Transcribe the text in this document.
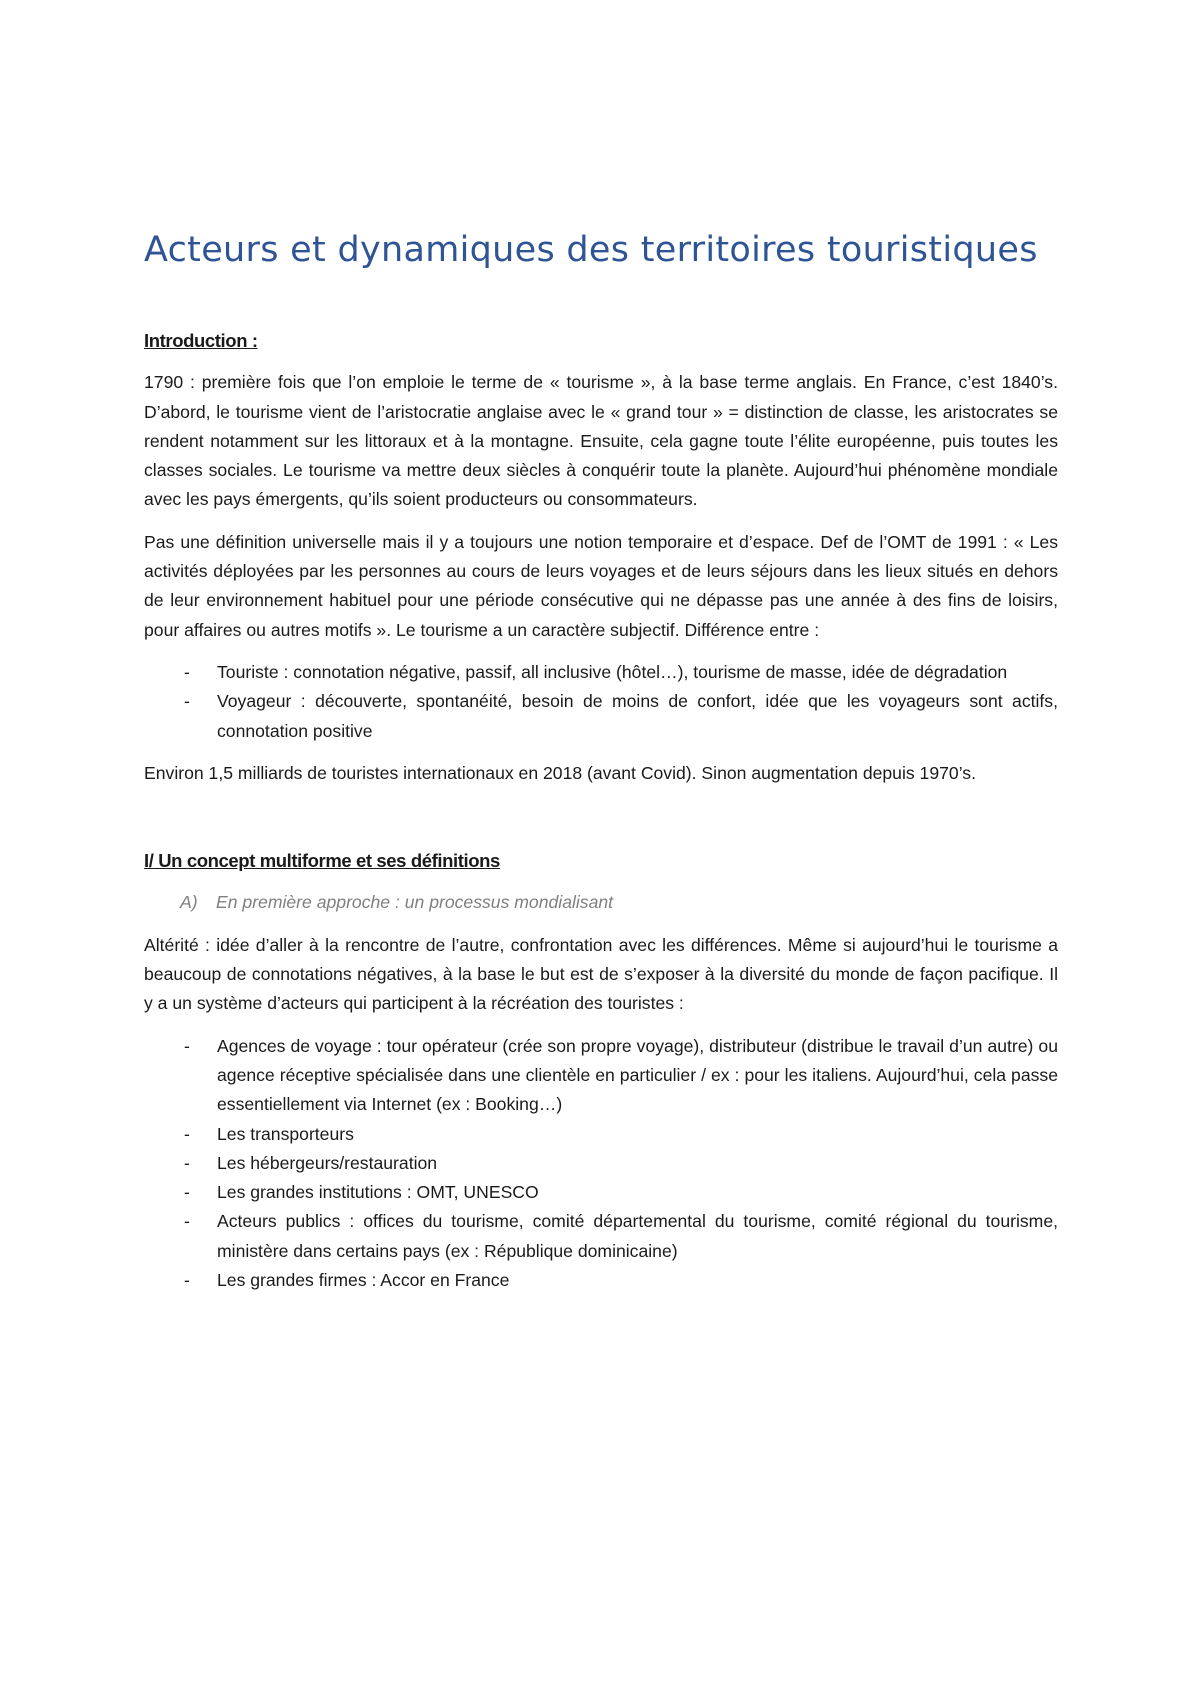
Acteurs et dynamiques des territoires touristiques
Introduction :

1790 : première fois que l’on emploie le terme de « tourisme », à la base terme anglais. En France, c’est 1840’s. D’abord, le tourisme vient de l’aristocratie anglaise avec le « grand tour » = distinction de classe, les aristocrates se rendent notamment sur les littoraux et à la montagne. Ensuite, cela gagne toute l’élite européenne, puis toutes les classes sociales. Le tourisme va mettre deux siècles à conquérir toute la planète. Aujourd’hui phénomène mondiale avec les pays émergents, qu’ils soient producteurs ou consommateurs.

Pas une définition universelle mais il y a toujours une notion temporaire et d’espace. Def de l’OMT de 1991 : « Les activités déployées par les personnes au cours de leurs voyages et de leurs séjours dans les lieux situés en dehors de leur environnement habituel pour une période consécutive qui ne dépasse pas une année à des fins de loisirs, pour affaires ou autres motifs ». Le tourisme a un caractère subjectif. Différence entre :

- Touriste : connotation négative, passif, all inclusive (hôtel…), tourisme de masse, idée de dégradation
- Voyageur : découverte, spontanéité, besoin de moins de confort, idée que les voyageurs sont actifs, connotation positive

Environ 1,5 milliards de touristes internationaux en 2018 (avant Covid). Sinon augmentation depuis 1970’s.

I/ Un concept multiforme et ses définitions
A) En première approche : un processus mondialisant

Altérité : idée d’aller à la rencontre de l’autre, confrontation avec les différences. Même si aujourd’hui le tourisme a beaucoup de connotations négatives, à la base le but est de s’exposer à la diversité du monde de façon pacifique. Il y a un système d’acteurs qui participent à la récréation des touristes :

- Agences de voyage : tour opérateur (crée son propre voyage), distributeur (distribue le travail d’un autre) ou agence réceptive spécialisée dans une clientèle en particulier / ex : pour les italiens. Aujourd’hui, cela passe essentiellement via Internet (ex : Booking…)
- Les transporteurs
- Les hébergeurs/restauration
- Les grandes institutions : OMT, UNESCO
- Acteurs publics : offices du tourisme, comité départemental du tourisme, comité régional du tourisme, ministère dans certains pays (ex : République dominicaine)
- Les grandes firmes : Accor en France
